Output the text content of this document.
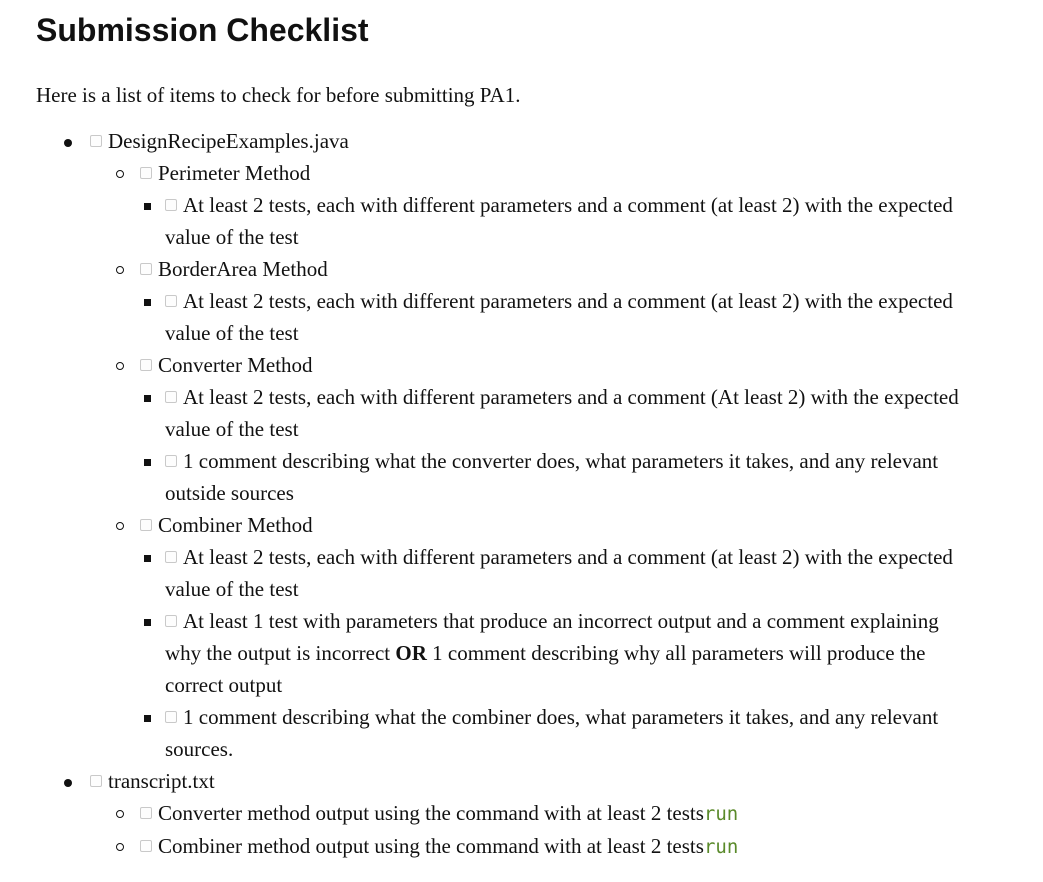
Submission Checklist

Here is a list of items to check for before submitting PA1.

DesignRecipeExamples.java
Perimeter Method
At least 2 tests, each with different parameters and a comment (at least 2) with the expected value of the test
BorderArea Method
At least 2 tests, each with different parameters and a comment (at least 2) with the expected value of the test
Converter Method
At least 2 tests, each with different parameters and a comment (At least 2) with the expected value of the test
1 comment describing what the converter does, what parameters it takes, and any relevant outside sources
Combiner Method
At least 2 tests, each with different parameters and a comment (at least 2) with the expected value of the test
At least 1 test with parameters that produce an incorrect output and a comment explaining why the output is incorrect OR 1 comment describing why all parameters will produce the correct output
1 comment describing what the combiner does, what parameters it takes, and any relevant sources.
transcript.txt
Converter method output using the command with at least 2 testsrun
Combiner method output using the command with at least 2 testsrun
